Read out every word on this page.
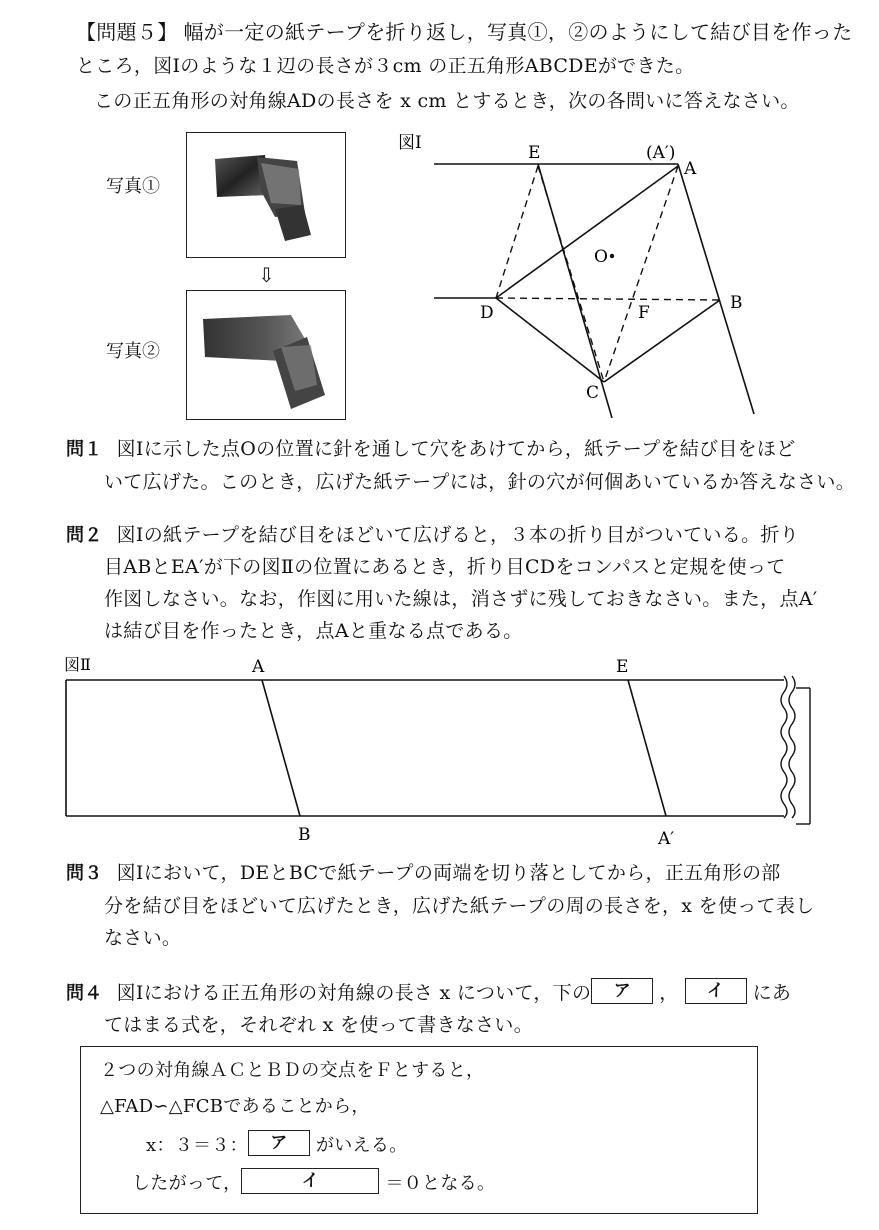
【問題５】 幅が一定の紙テープを折り返し，写真①，②のようにして結び目を作った
ところ，図Ⅰのような１辺の長さが３cm の正五角形ABCDEができた。
この正五角形の対角線ADの長さを x cm とするとき，次の各問いに答えなさい。
写真①
⇩
写真②
図Ⅰ	E	(A′)
A
O
D	F	B
C
問１ 図Ⅰに示した点Oの位置に針を通して穴をあけてから，紙テープを結び目をほど
いて広げた。このとき，広げた紙テープには，針の穴が何個あいているか答えなさい。
問２ 図Ⅰの紙テープを結び目をほどいて広げると，３本の折り目がついている。折り
目ABとEA′が下の図Ⅱの位置にあるとき，折り目CDをコンパスと定規を使って
作図しなさい。なお，作図に用いた線は，消さずに残しておきなさい。また，点A′
は結び目を作ったとき，点Aと重なる点である。
図Ⅱ	A	E
B	A′
問３ 図Ⅰにおいて，DEとBCで紙テープの両端を切り落としてから，正五角形の部
分を結び目をほどいて広げたとき，広げた紙テープの周の長さを，x を使って表し
なさい。
問４ 図Ⅰにおける正五角形の対角線の長さ x について，下の ア ， イ にあ
てはまる式を，それぞれ x を使って書きなさい。
２つの対角線ＡＣとＢＤの交点をＦとすると，
△FAD∽△FCBであることから，
x：３＝３： ア がいえる。
したがって，	イ	＝０となる。
